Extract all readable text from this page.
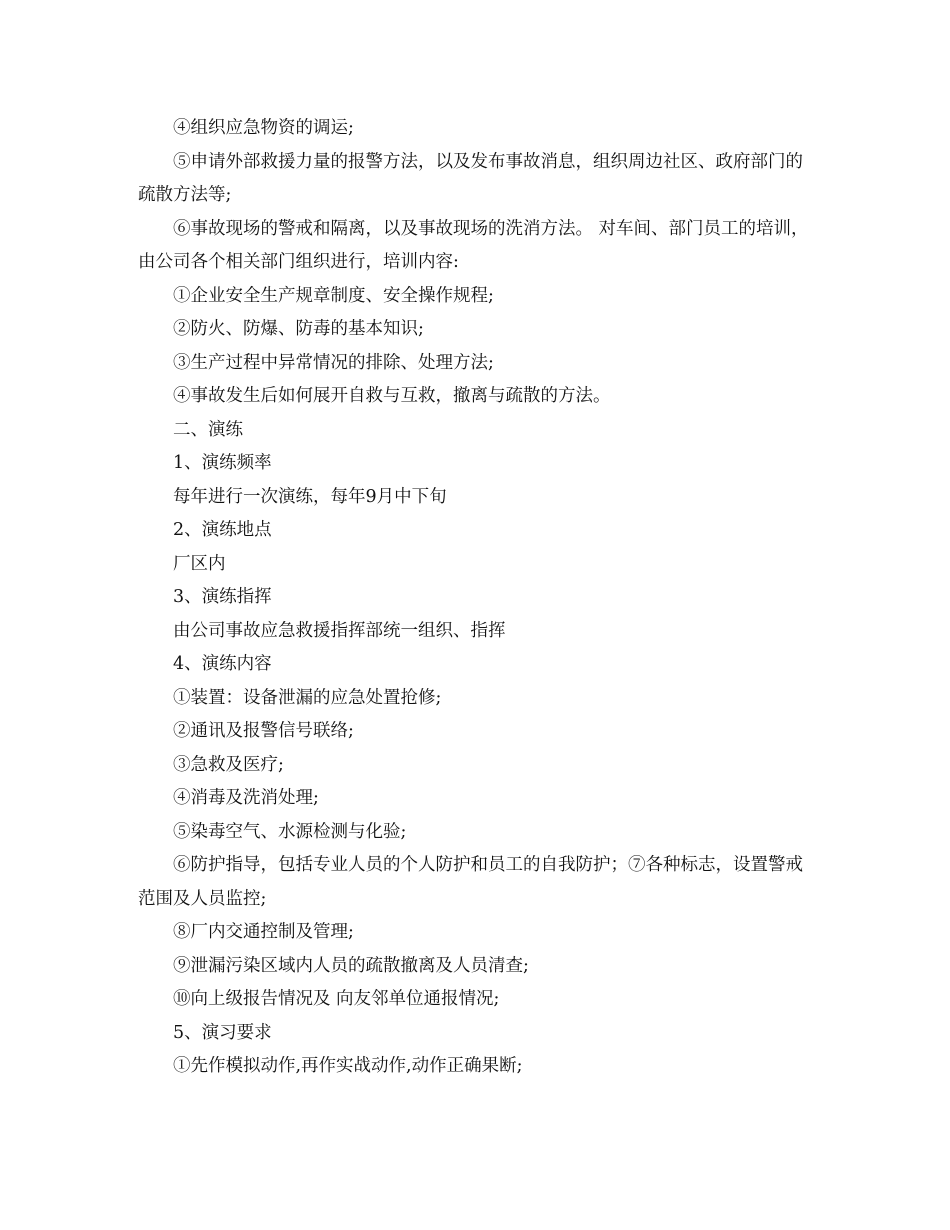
④组织应急物资的调运;

⑤申请外部救援力量的报警方法，以及发布事故消息，组织周边社区、政府部门的疏散方法等;

⑥事故现场的警戒和隔离，以及事故现场的洗消方法。 对车间、部门员工的培训，由公司各个相关部门组织进行，培训内容:

①企业安全生产规章制度、安全操作规程;

②防火、防爆、防毒的基本知识;

③生产过程中异常情况的排除、处理方法;

④事故发生后如何展开自救与互救，撤离与疏散的方法。

二、演练

1、演练频率

每年进行一次演练，每年9月中下旬

2、演练地点

厂区内

3、演练指挥

由公司事故应急救援指挥部统一组织、指挥

4、演练内容

①装置：设备泄漏的应急处置抢修;

②通讯及报警信号联络;

③急救及医疗;

④消毒及洗消处理;

⑤染毒空气、水源检测与化验;

⑥防护指导，包括专业人员的个人防护和员工的自我防护；⑦各种标志，设置警戒范围及人员监控;

⑧厂内交通控制及管理;

⑨泄漏污染区域内人员的疏散撤离及人员清查;

⑩向上级报告情况及 向友邻单位通报情况;

5、演习要求

①先作模拟动作,再作实战动作,动作正确果断;
